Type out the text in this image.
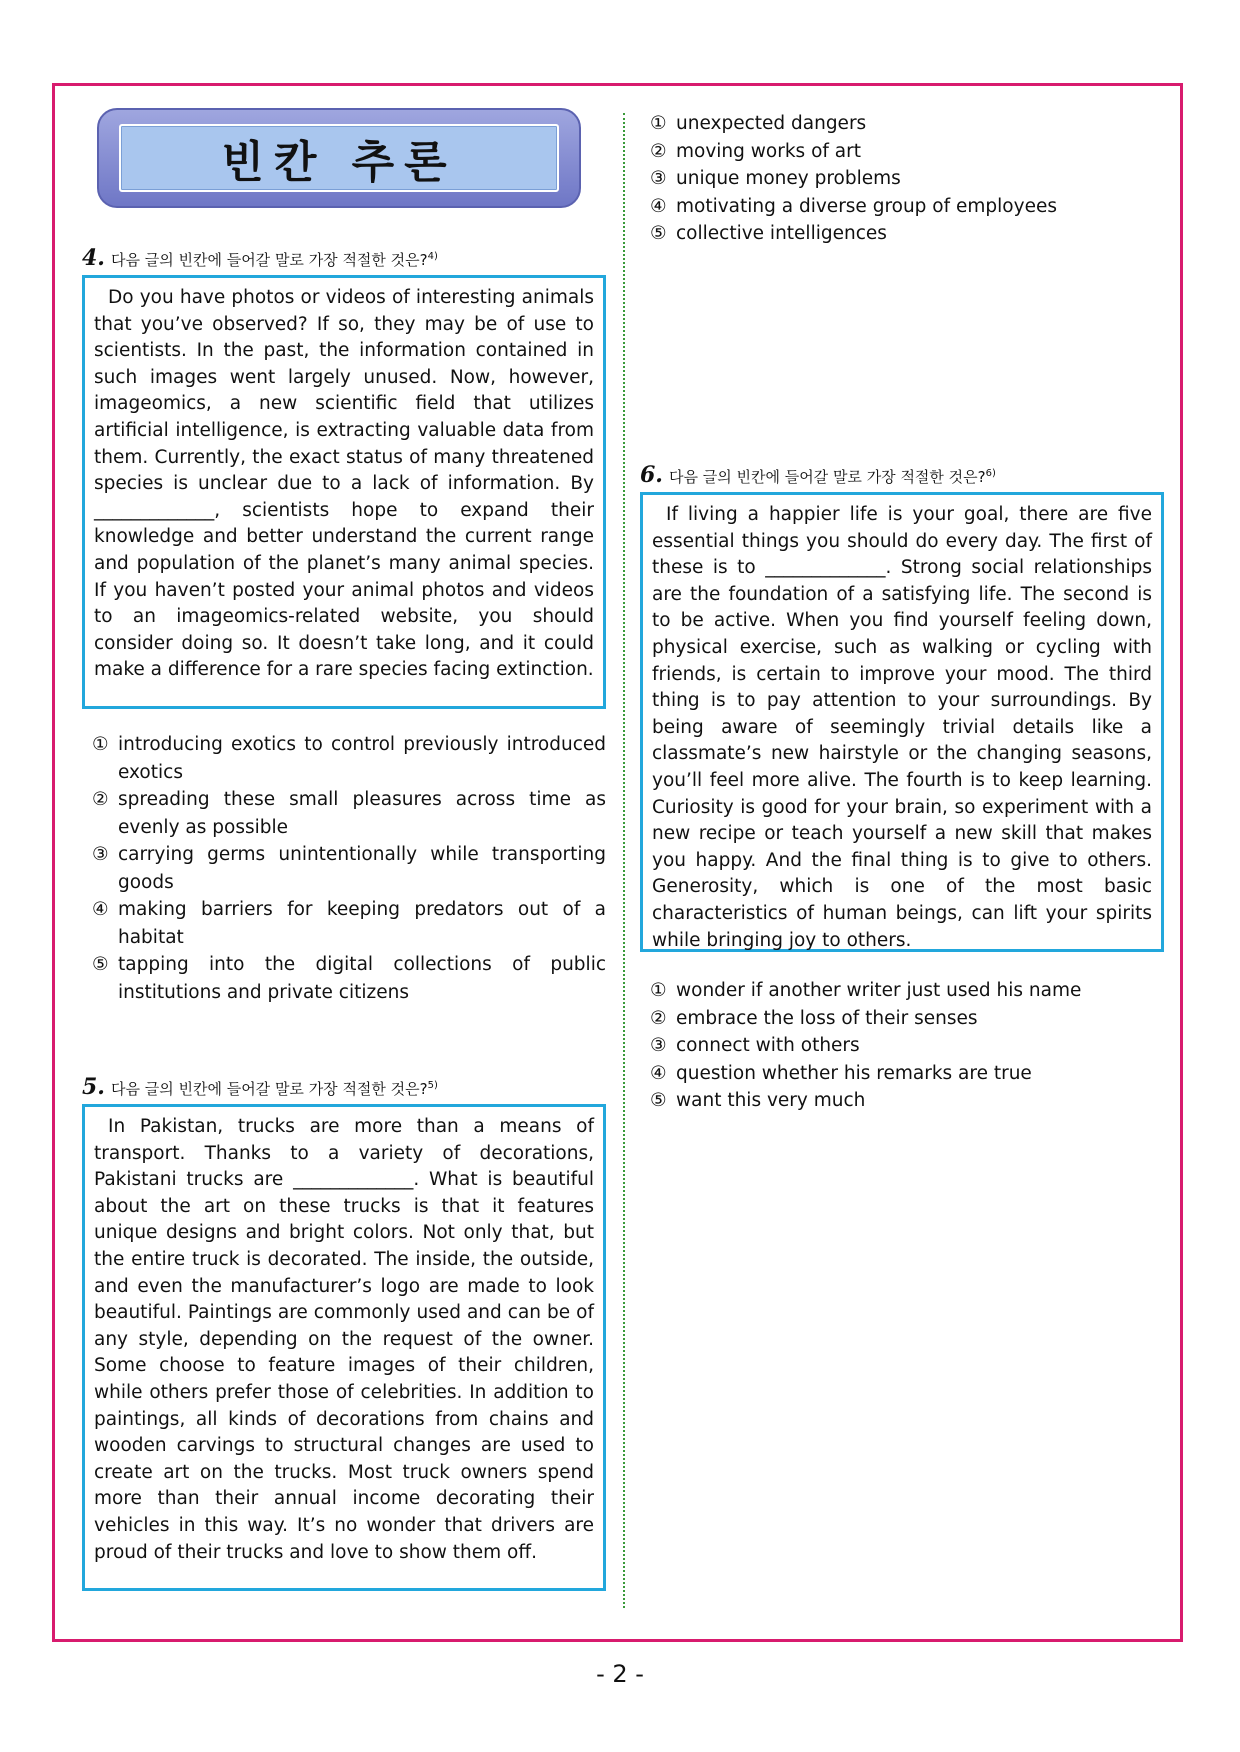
빈칸 추론
4. 다음 글의 빈칸에 들어갈 말로 가장 적절한 것은? 4)

Do you have photos or videos of interesting animals that you’ve observed? If so, they may be of use to scientists. In the past, the information contained in such images went largely unused. Now, however, imageomics, a new scientific field that utilizes artificial intelligence, is extracting valuable data from them. Currently, the exact status of many threatened species is unclear due to a lack of information. By _____________, scientists hope to expand their knowledge and better understand the current range and population of the planet’s many animal species. If you haven’t posted your animal photos and videos to an imageomics-related website, you should consider doing so. It doesn’t take long, and it could make a difference for a rare species facing extinction.

① introducing exotics to control previously introduced exotics
② spreading these small pleasures across time as evenly as possible
③ carrying germs unintentionally while transporting goods
④ making barriers for keeping predators out of a habitat
⑤ tapping into the digital collections of public institutions and private citizens
5. 다음 글의 빈칸에 들어갈 말로 가장 적절한 것은? 5)

In Pakistan, trucks are more than a means of transport. Thanks to a variety of decorations, Pakistani trucks are _____________. What is beautiful about the art on these trucks is that it features unique designs and bright colors. Not only that, but the entire truck is decorated. The inside, the outside, and even the manufacturer’s logo are made to look beautiful. Paintings are commonly used and can be of any style, depending on the request of the owner. Some choose to feature images of their children, while others prefer those of celebrities. In addition to paintings, all kinds of decorations from chains and wooden carvings to structural changes are used to create art on the trucks. Most truck owners spend more than their annual income decorating their vehicles in this way. It’s no wonder that drivers are proud of their trucks and love to show them off.

① unexpected dangers
② moving works of art
③ unique money problems
④ motivating a diverse group of employees
⑤ collective intelligences
6. 다음 글의 빈칸에 들어갈 말로 가장 적절한 것은? 6)

If living a happier life is your goal, there are five essential things you should do every day. The first of these is to _____________. Strong social relationships are the foundation of a satisfying life. The second is to be active. When you find yourself feeling down, physical exercise, such as walking or cycling with friends, is certain to improve your mood. The third thing is to pay attention to your surroundings. By being aware of seemingly trivial details like a classmate’s new hairstyle or the changing seasons, you’ll feel more alive. The fourth is to keep learning. Curiosity is good for your brain, so experiment with a new recipe or teach yourself a new skill that makes you happy. And the final thing is to give to others. Generosity, which is one of the most basic characteristics of human beings, can lift your spirits while bringing joy to others.

① wonder if another writer just used his name
② embrace the loss of their senses
③ connect with others
④ question whether his remarks are true
⑤ want this very much
- 2 -
